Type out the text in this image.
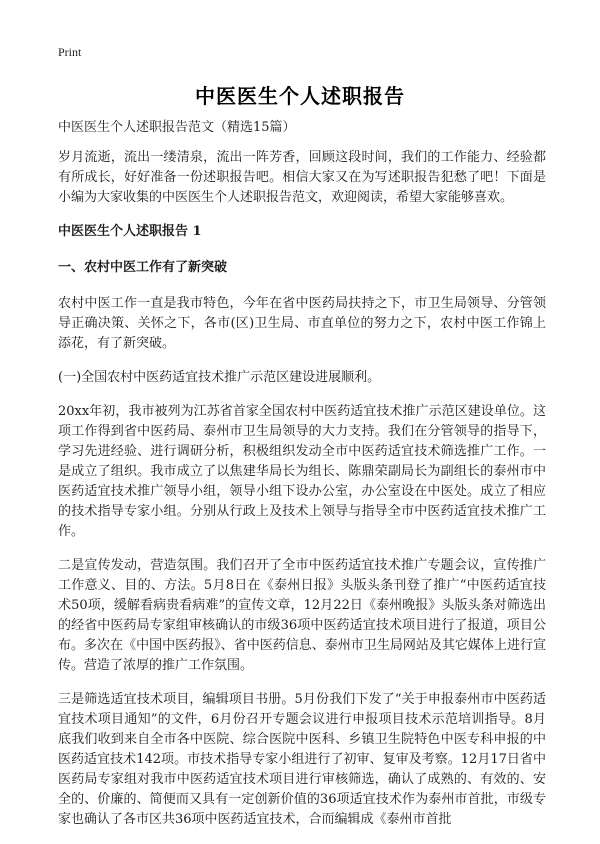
Print
中医医生个人述职报告

中医医生个人述职报告范文（精选15篇）

岁月流逝，流出一缕清泉，流出一阵芳香，回顾这段时间，我们的工作能力、经验都有所成长，好好准备一份述职报告吧。相信大家又在为写述职报告犯愁了吧！下面是小编为大家收集的中医医生个人述职报告范文，欢迎阅读，希望大家能够喜欢。

中医医生个人述职报告 1

一、农村中医工作有了新突破

农村中医工作一直是我市特色，今年在省中医药局扶持之下，市卫生局领导、分管领导正确决策、关怀之下，各市(区)卫生局、市直单位的努力之下，农村中医工作锦上添花，有了新突破。

(一)全国农村中医药适宜技术推广示范区建设进展顺利。

20xx年初，我市被列为江苏省首家全国农村中医药适宜技术推广示范区建设单位。这项工作得到省中医药局、泰州市卫生局领导的大力支持。我们在分管领导的指导下，学习先进经验、进行调研分析，积极组织发动全市中医药适宜技术筛选推广工作。一是成立了组织。我市成立了以焦建华局长为组长、陈鼎荣副局长为副组长的泰州市中医药适宜技术推广领导小组，领导小组下设办公室，办公室设在中医处。成立了相应的技术指导专家小组。分别从行政上及技术上领导与指导全市中医药适宜技术推广工作。

二是宣传发动，营造氛围。我们召开了全市中医药适宜技术推广专题会议，宣传推广工作意义、目的、方法。5月8日在《泰州日报》头版头条刊登了推广“中医药适宜技术50项，缓解看病贵看病难”的宣传文章，12月22日《泰州晚报》头版头条对筛选出的经省中医药局专家组审核确认的市级36项中医药适宜技术项目进行了报道，项目公布。多次在《中国中医药报》、省中医药信息、泰州市卫生局网站及其它媒体上进行宣传。营造了浓厚的推广工作氛围。

三是筛选适宜技术项目，编辑项目书册。5月份我们下发了“关于申报泰州市中医药适宜技术项目通知”的文件，6月份召开专题会议进行申报项目技术示范培训指导。8月底我们收到来自全市各中医院、综合医院中医科、乡镇卫生院特色中医专科申报的中医药适宜技术142项。市技术指导专家小组进行了初审、复审及考察。12月17日省中医药局专家组对我市中医药适宜技术项目进行审核筛选，确认了成熟的、有效的、安全的、价廉的、简便而又具有一定创新价值的36项适宜技术作为泰州市首批，市级专家也确认了各市区共36项中医药适宜技术，合而编辑成《泰州市首批
